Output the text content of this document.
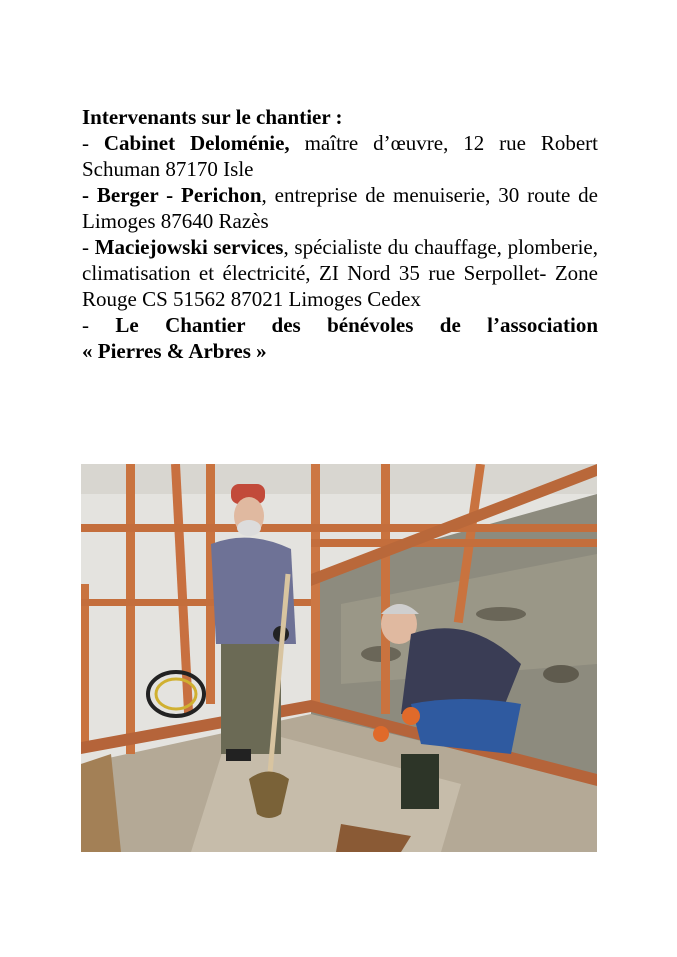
Intervenants sur le chantier :

- Cabinet Deloménie, maître d’œuvre, 12 rue Robert Schuman 87170 Isle

- Berger - Perichon, entreprise de menuiserie, 30 route de Limoges 87640 Razès

- Maciejowski services, spécialiste du chauffage, plomberie, climatisation et électricité, ZI Nord 35 rue Serpollet- Zone Rouge CS 51562 87021 Limoges Cedex

- Le Chantier des bénévoles de l’association

« Pierres & Arbres »
